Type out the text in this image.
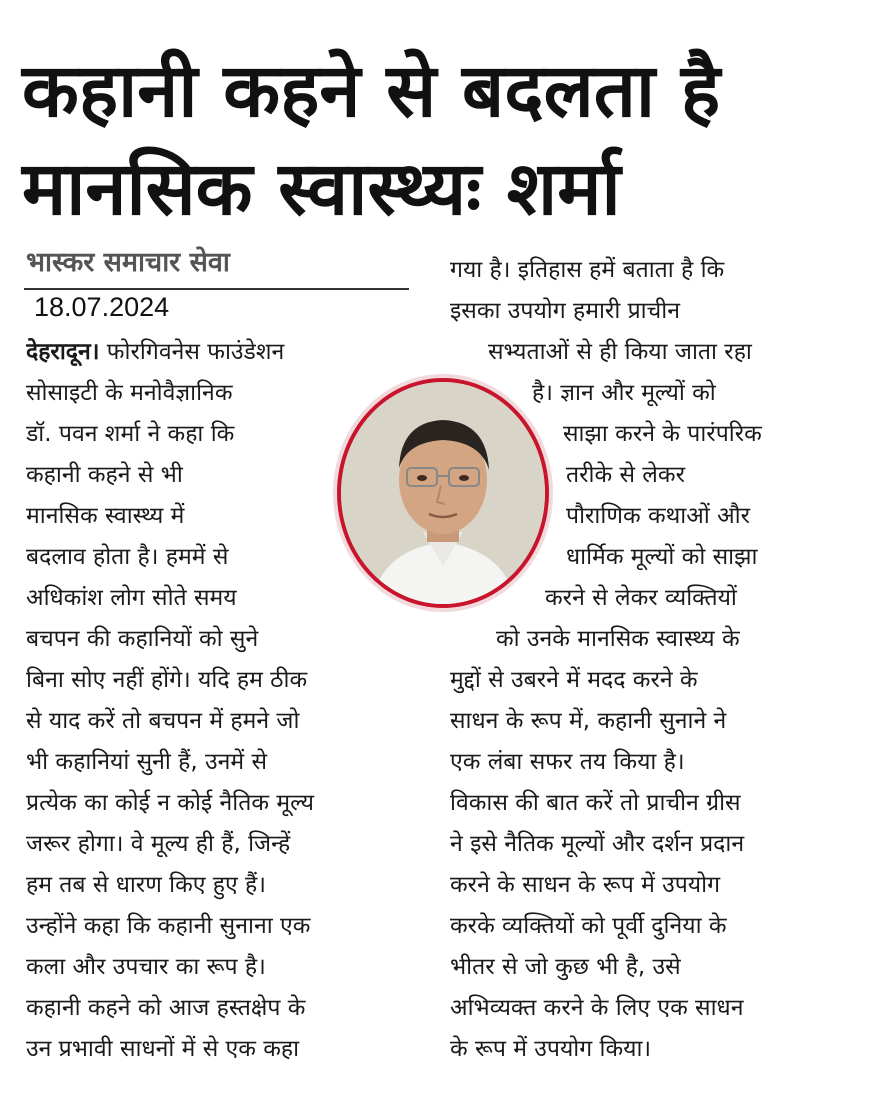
कहानी कहने से बदलता है
मानसिक स्वास्थ्यः शर्मा
भास्कर समाचार सेवा
18.07.2024
देहरादून। फोरगिवनेस फाउंडेशन
सोसाइटी के मनोवैज्ञानिक
डॉ. पवन शर्मा ने कहा कि
कहानी कहने से भी
मानसिक स्वास्थ्य में
बदलाव होता है। हममें से
अधिकांश लोग सोते समय
बचपन की कहानियों को सुने
बिना सोए नहीं होंगे। यदि हम ठीक
से याद करें तो बचपन में हमने जो
भी कहानियां सुनी हैं, उनमें से
प्रत्येक का कोई न कोई नैतिक मूल्य
जरूर होगा। वे मूल्य ही हैं, जिन्हें
हम तब से धारण किए हुए हैं।
उन्होंने कहा कि कहानी सुनाना एक
कला और उपचार का रूप है।
कहानी कहने को आज हस्तक्षेप के
उन प्रभावी साधनों में से एक कहा
गया है। इतिहास हमें बताता है कि
इसका उपयोग हमारी प्राचीन
सभ्यताओं से ही किया जाता रहा
है। ज्ञान और मूल्यों को
साझा करने के पारंपरिक
तरीके से लेकर
पौराणिक कथाओं और
धार्मिक मूल्यों को साझा
करने से लेकर व्यक्तियों
को उनके मानसिक स्वास्थ्य के
मुद्दों से उबरने में मदद करने के
साधन के रूप में, कहानी सुनाने ने
एक लंबा सफर तय किया है।
विकास की बात करें तो प्राचीन ग्रीस
ने इसे नैतिक मूल्यों और दर्शन प्रदान
करने के साधन के रूप में उपयोग
करके व्यक्तियों को पूर्वी दुनिया के
भीतर से जो कुछ भी है, उसे
अभिव्यक्त करने के लिए एक साधन
के रूप में उपयोग किया।
